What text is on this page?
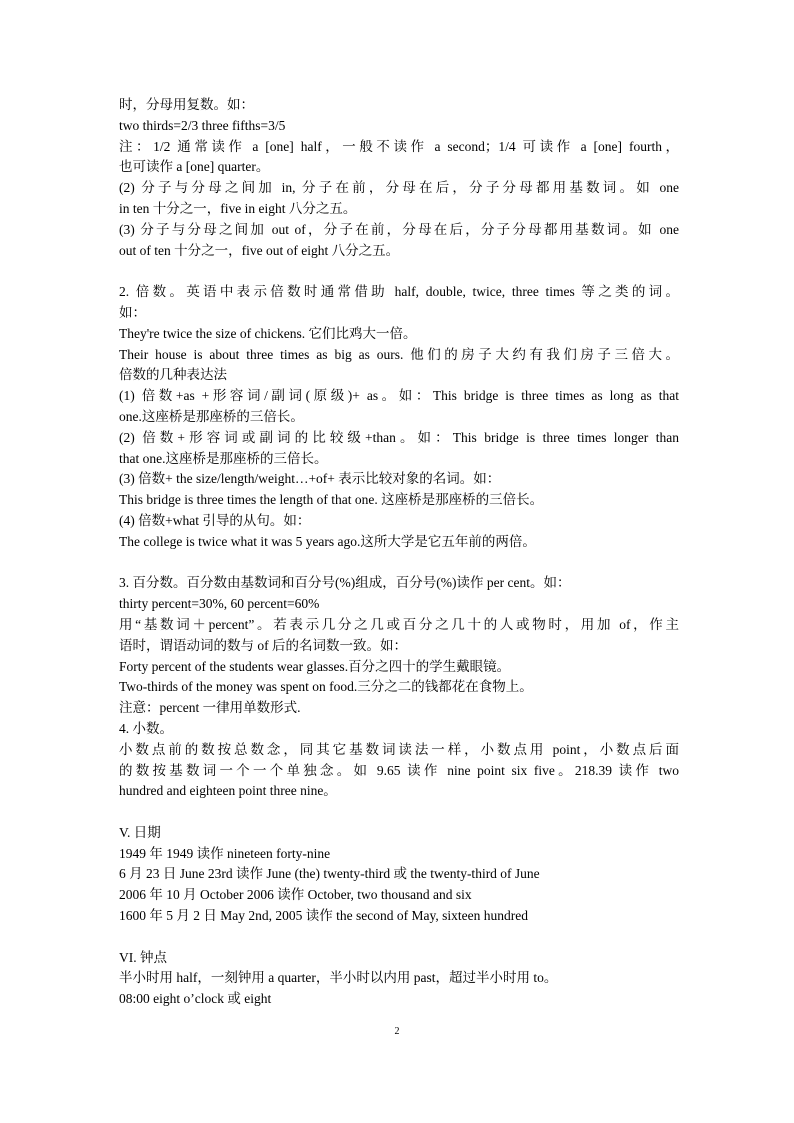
时，分母用复数。如：
two thirds=2/3 three fifths=3/5
注：1/2 通常读作 a [one] half，一般不读作 a second；1/4 可读作 a [one] fourth，
也可读作 a [one] quarter。
(2) 分子与分母之间加 in, 分子在前，分母在后，分子分母都用基数词。如 one
in ten 十分之一，five in eight 八分之五。
(3) 分子与分母之间加 out of，分子在前，分母在后，分子分母都用基数词。如 one
out of ten 十分之一，five out of eight 八分之五。
2. 倍数。英语中表示倍数时通常借助 half, double, twice, three times 等之类的词。
如：
They're twice the size of chickens. 它们比鸡大一倍。
Their house is about three times as big as ours. 他们的房子大约有我们房子三倍大。
倍数的几种表达法
(1) 倍数+as +形容词/副词(原级)+ as。如：This bridge is three times as long as that
one.这座桥是那座桥的三倍长。
(2) 倍数+形容词或副词的比较级+than。如：This bridge is three times longer than
that one.这座桥是那座桥的三倍长。
(3) 倍数+ the size/length/weight…+of+ 表示比较对象的名词。如：
This bridge is three times the length of that one. 这座桥是那座桥的三倍长。
(4) 倍数+what 引导的从句。如：
The college is twice what it was 5 years ago.这所大学是它五年前的两倍。
3. 百分数。百分数由基数词和百分号(%)组成，百分号(%)读作 per cent。如：
thirty percent=30%, 60 percent=60%
用“基数词＋percent”。若表示几分之几或百分之几十的人或物时，用加 of，作主
语时，谓语动词的数与 of 后的名词数一致。如：
Forty percent of the students wear glasses.百分之四十的学生戴眼镜。
Two-thirds of the money was spent on food.三分之二的钱都花在食物上。
注意：percent 一律用单数形式.
4. 小数。
小数点前的数按总数念，同其它基数词读法一样，小数点用 point，小数点后面
的数按基数词一个一个单独念。如 9.65 读作 nine point six five。218.39 读作 two
hundred and eighteen point three nine。
V. 日期
1949 年 1949 读作 nineteen forty-nine
6 月 23 日 June 23rd 读作 June (the) twenty-third 或 the twenty-third of June
2006 年 10 月 October 2006 读作 October, two thousand and six
1600 年 5 月 2 日 May 2nd, 2005 读作 the second of May, sixteen hundred
VI. 钟点
半小时用 half，一刻钟用 a quarter，半小时以内用 past，超过半小时用 to。
08:00 eight o’clock 或 eight
2
